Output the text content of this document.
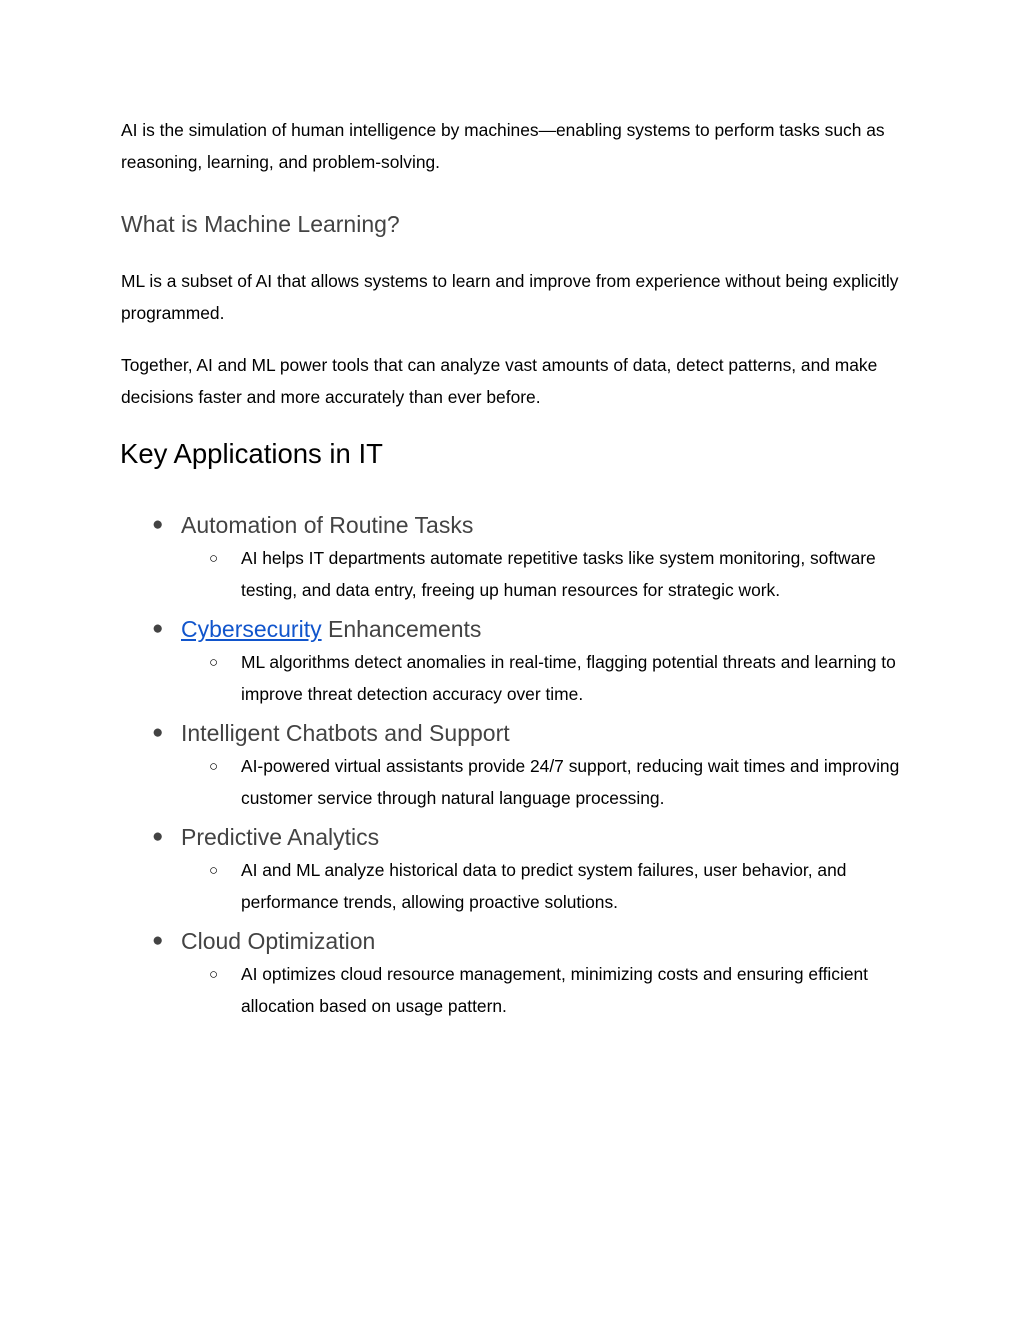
AI is the simulation of human intelligence by machines—enabling systems to perform tasks such as reasoning, learning, and problem-solving.

What is Machine Learning?

ML is a subset of AI that allows systems to learn and improve from experience without being explicitly programmed.

Together, AI and ML power tools that can analyze vast amounts of data, detect patterns, and make decisions faster and more accurately than ever before.

Key Applications in IT
● Automation of Routine Tasks
○ AI helps IT departments automate repetitive tasks like system monitoring, software testing, and data entry, freeing up human resources for strategic work.
● Cybersecurity Enhancements
○ ML algorithms detect anomalies in real-time, flagging potential threats and learning to improve threat detection accuracy over time.
● Intelligent Chatbots and Support
○ AI-powered virtual assistants provide 24/7 support, reducing wait times and improving customer service through natural language processing.
● Predictive Analytics
○ AI and ML analyze historical data to predict system failures, user behavior, and performance trends, allowing proactive solutions.
● Cloud Optimization
○ AI optimizes cloud resource management, minimizing costs and ensuring efficient allocation based on usage pattern.
